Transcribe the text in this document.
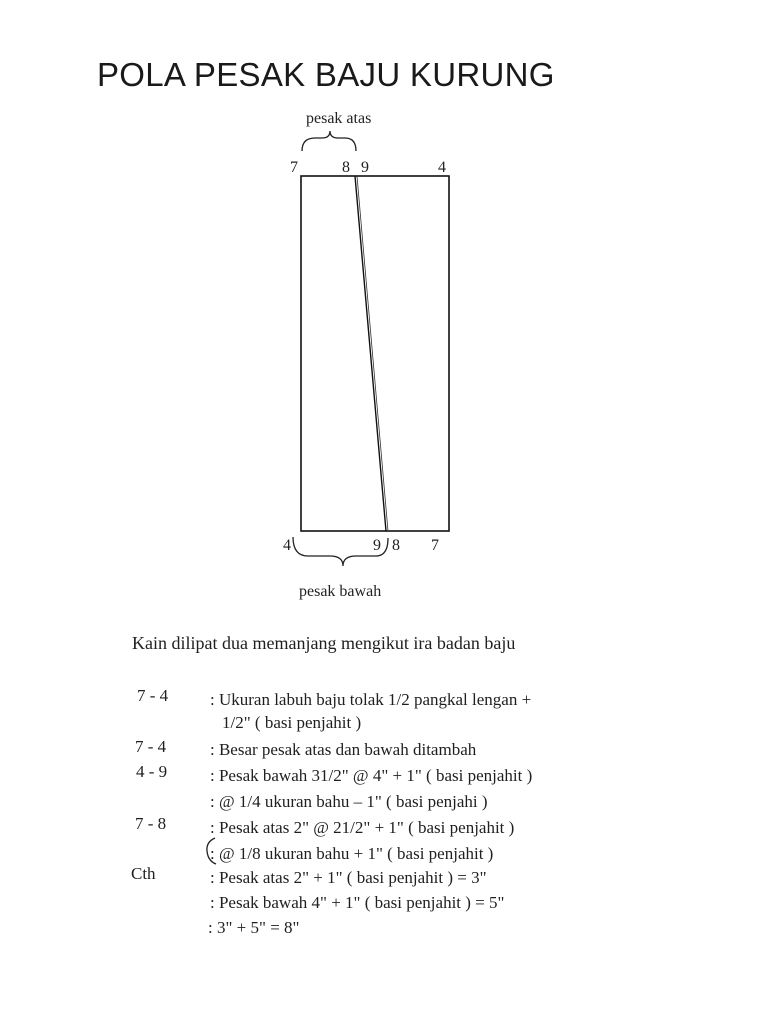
POLA PESAK BAJU KURUNG
pesak atas
7	8 9	4
4	9 8 7
pesak bawah
Kain dilipat dua memanjang mengikut ira badan baju
7 - 4 : Ukuran labuh baju tolak 1/2 pangkal lengan +
1/2" ( basi penjahit )
7 - 4	: Besar pesak atas dan bawah ditambah
4 - 9	: Pesak bawah 31/2" @ 4" + 1" ( basi penjahit )
: @ 1/4 ukuran bahu – 1" ( basi penjahi )
7 - 8	: Pesak atas 2" @ 21/2" + 1" ( basi penjahit )
: @ 1/8 ukuran bahu + 1" ( basi penjahit )
Cth	: Pesak atas 2" + 1" ( basi penjahit ) = 3"
: Pesak bawah 4" + 1" ( basi penjahit ) = 5"
: 3" + 5" = 8"
